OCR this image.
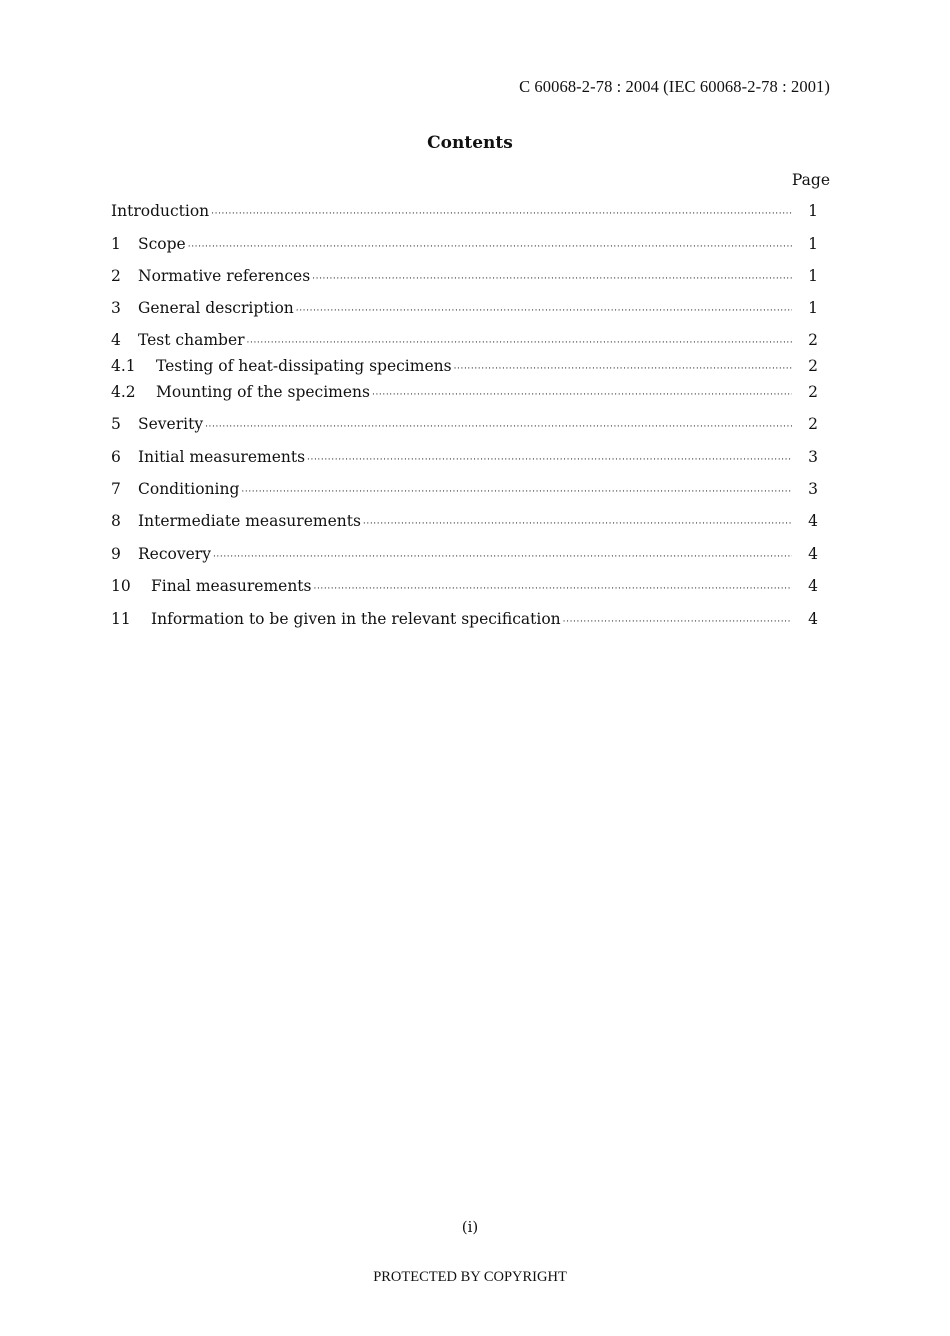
C 60068-2-78 : 2004 (IEC 60068-2-78 : 2001)
Contents
Page
Introduction ·····	1
1	Scope ·····	1
2	Normative references ·····	1
3	General description ·····	1
4	Test chamber ·····	2
4.1	Testing of heat-dissipating specimens ·····	2
4.2	Mounting of the specimens ·····	2
5	Severity ·····	2
6	Initial measurements ·····	3
7	Conditioning ·····	3
8	Intermediate measurements ·····	4
9	Recovery ·····	4
10	Final measurements ·····	4
11	Information to be given in the relevant specification ·····	4
(i)
PROTECTED BY COPYRIGHT
